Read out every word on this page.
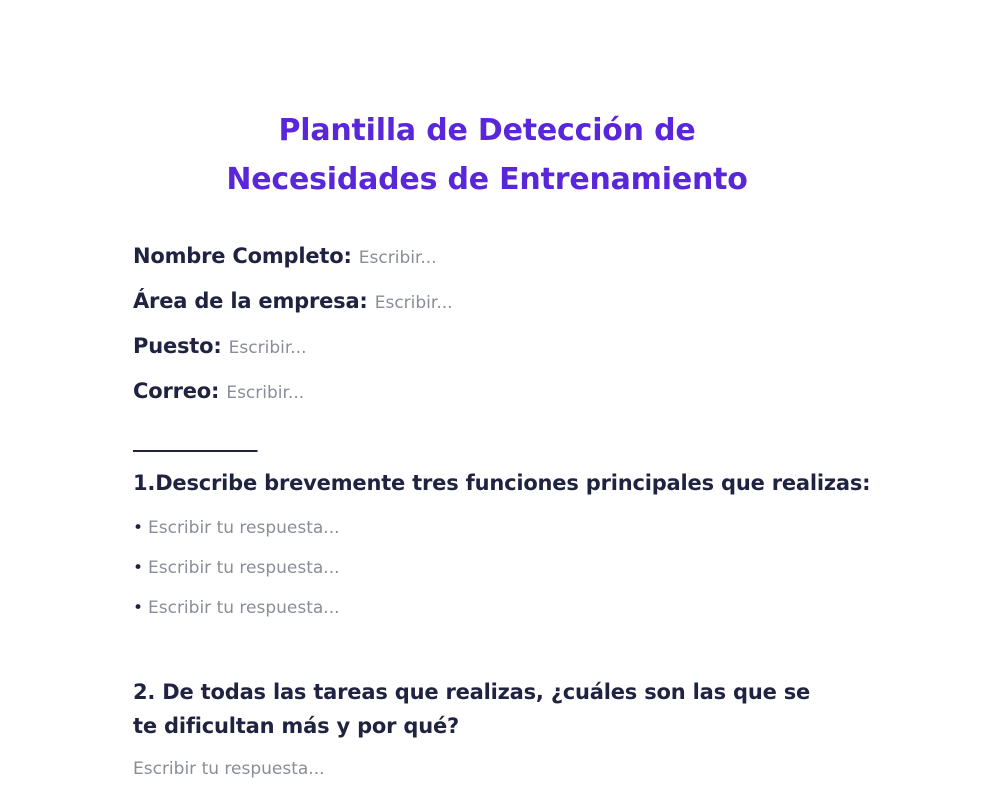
Plantilla de Detección de
Necesidades de Entrenamiento
Nombre Completo: Escribir...
Área de la empresa: Escribir...
Puesto: Escribir...
Correo: Escribir...
_____________
1.Describe brevemente tres funciones principales que realizas:
•Escribir tu respuesta...
•Escribir tu respuesta...
•Escribir tu respuesta...
2. De todas las tareas que realizas, ¿cuáles son las que se te dificultan más y por qué?
Escribir tu respuesta...
